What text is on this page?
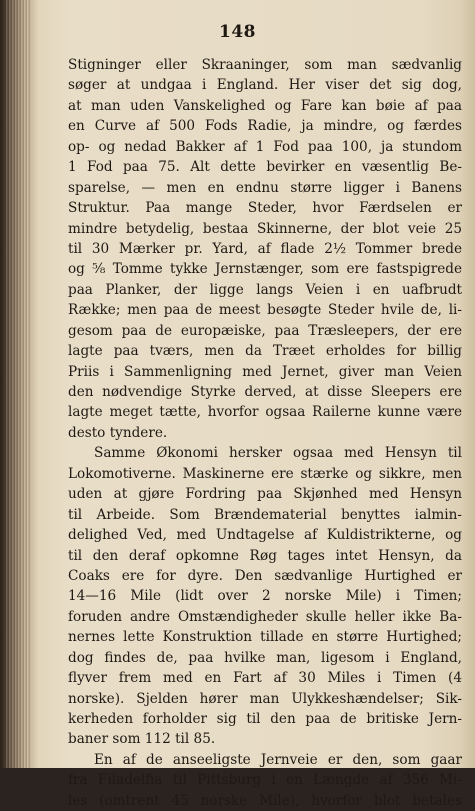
148
Stigninger eller Skraaninger, som man sædvanlig
søger at undgaa i England. Her viser det sig dog,
at man uden Vanskelighed og Fare kan bøie af paa
en Curve af 500 Fods Radie, ja mindre, og færdes
op- og nedad Bakker af 1 Fod paa 100, ja stundom
1 Fod paa 75. Alt dette bevirker en væsentlig Be-
sparelse, — men en endnu større ligger i Banens
Struktur. Paa mange Steder, hvor Færdselen er
mindre betydelig, bestaa Skinnerne, der blot veie 25
til 30 Mærker pr. Yard, af flade 2½ Tommer brede
og ⁵⁄₈ Tomme tykke Jernstænger, som ere fastspigrede
paa Planker, der ligge langs Veien i en uafbrudt
Række; men paa de meest besøgte Steder hvile de, li-
gesom paa de europæiske, paa Træsleepers, der ere
lagte paa tværs, men da Træet erholdes for billig
Priis i Sammenligning med Jernet, giver man Veien
den nødvendige Styrke derved, at disse Sleepers ere
lagte meget tætte, hvorfor ogsaa Railerne kunne være
desto tyndere.
Samme Økonomi hersker ogsaa med Hensyn til
Lokomotiverne. Maskinerne ere stærke og sikkre, men
uden at gjøre Fordring paa Skjønhed med Hensyn
til Arbeide. Som Brændematerial benyttes ialmin-
delighed Ved, med Undtagelse af Kuldistrikterne, og
til den deraf opkomne Røg tages intet Hensyn, da
Coaks ere for dyre. Den sædvanlige Hurtighed er
14—16 Mile (lidt over 2 norske Mile) i Timen;
foruden andre Omstændigheder skulle heller ikke Ba-
nernes lette Konstruktion tillade en større Hurtighed;
dog findes de, paa hvilke man, ligesom i England,
flyver frem med en Fart af 30 Miles i Timen (4
norske). Sjelden hører man Ulykkeshændelser; Sik-
kerheden forholder sig til den paa de britiske Jern-
baner som 112 til 85.
En af de anseeligste Jernveie er den, som gaar
fra Filadelfia til Pittsburg i en Længde af 356 Mi-
les (omtrent 45 norske Mile), hvorfor blot betales
